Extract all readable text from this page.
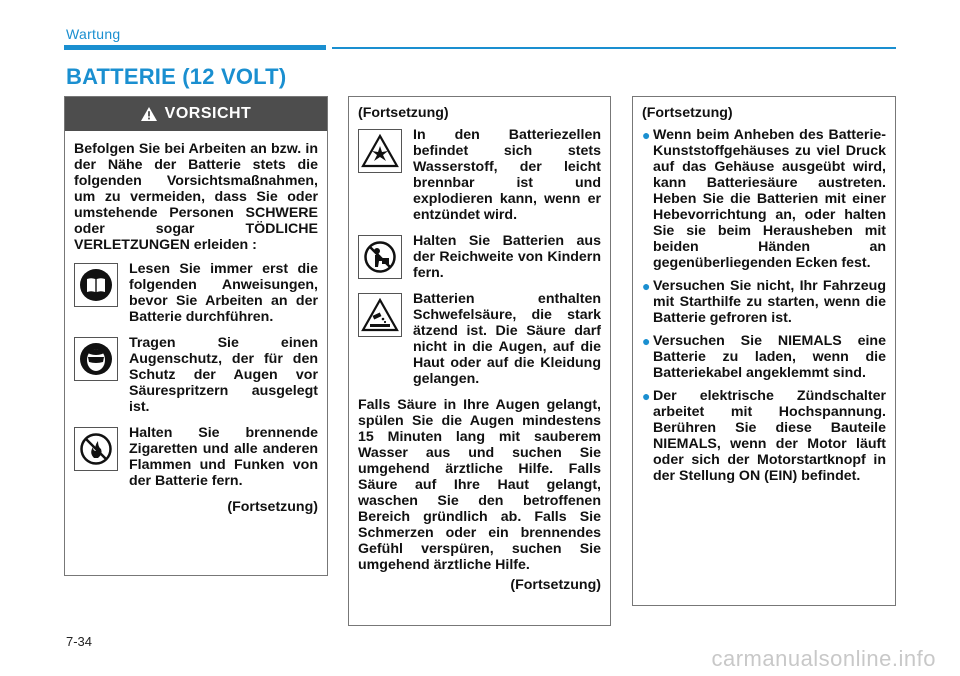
Wartung
BATTERIE (12 VOLT)
VORSICHT
Befolgen Sie bei Arbeiten an bzw. in der Nähe der Batterie stets die folgenden Vorsichtsmaßnahmen, um zu vermeiden, dass Sie oder umstehende Personen SCHWERE oder sogar TÖDLICHE VERLETZUNGEN erleiden :
Lesen Sie immer erst die folgenden Anweisungen, bevor Sie Arbeiten an der Batterie durchführen.
Tragen Sie einen Augenschutz, der für den Schutz der Augen vor Säurespritzern ausgelegt ist.
Halten Sie brennende Zigaretten und alle anderen Flammen und Funken von der Batterie fern.
(Fortsetzung)
(Fortsetzung)
In den Batteriezellen befindet sich stets Wasserstoff, der leicht brennbar ist und explodieren kann, wenn er entzündet wird.
Halten Sie Batterien aus der Reichweite von Kindern fern.
Batterien enthalten Schwefelsäure, die stark ätzend ist. Die Säure darf nicht in die Augen, auf die Haut oder auf die Kleidung gelangen.
Falls Säure in Ihre Augen gelangt, spülen Sie die Augen mindestens 15 Minuten lang mit sauberem Wasser aus und suchen Sie umgehend ärztliche Hilfe. Falls Säure auf Ihre Haut gelangt, waschen Sie den betroffenen Bereich gründlich ab. Falls Sie Schmerzen oder ein brennendes Gefühl verspüren, suchen Sie umgehend ärztliche Hilfe.
(Fortsetzung)
(Fortsetzung)
● Wenn beim Anheben des Batterie-Kunststoffgehäuses zu viel Druck auf das Gehäuse ausgeübt wird, kann Batteriesäure austreten. Heben Sie die Batterien mit einer Hebevorrichtung an, oder halten Sie sie beim Herausheben mit beiden Händen an gegenüberliegenden Ecken fest.
● Versuchen Sie nicht, Ihr Fahrzeug mit Starthilfe zu starten, wenn die Batterie gefroren ist.
● Versuchen Sie NIEMALS eine Batterie zu laden, wenn die Batteriekabel angeklemmt sind.
● Der elektrische Zündschalter arbeitet mit Hochspannung. Berühren Sie diese Bauteile NIEMALS, wenn der Motor läuft oder sich der Motorstartknopf in der Stellung ON (EIN) befindet.
7-34
carmanualsonline.info
